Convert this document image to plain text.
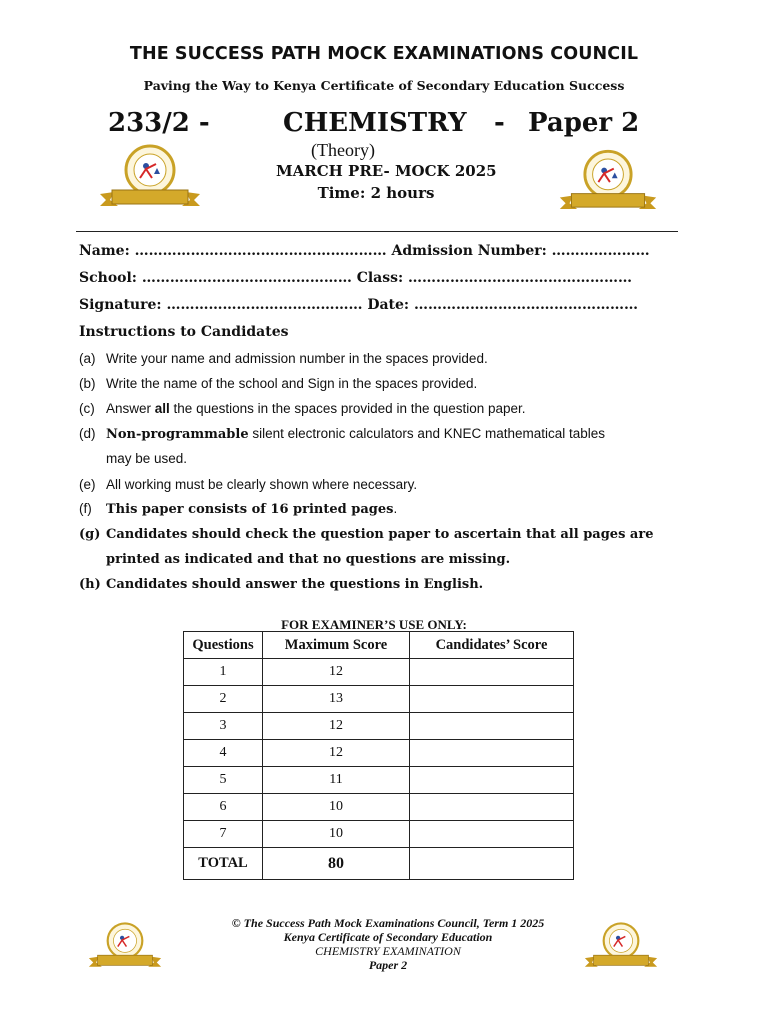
THE SUCCESS PATH MOCK EXAMINATIONS COUNCIL
Paving the Way to Kenya Certificate of Secondary Education Success
233/2 -	CHEMISTRY - Paper 2
(Theory)
MARCH PRE- MOCK 2025
Time: 2 hours
Name: ……………………………………………… Admission Number: …………………
School: ……………………………………… Class: …………………………………………
Signature: …………………………………… Date: …………………………………………
Instructions to Candidates
(a) Write your name and admission number in the spaces provided.
(b) Write the name of the school and Sign in the spaces provided.
(c) Answer all the questions in the spaces provided in the question paper.
(d) Non-programmable silent electronic calculators and KNEC mathematical tables
may be used.
(e) All working must be clearly shown where necessary.
(f) This paper consists of 16 printed pages.
(g) Candidates should check the question paper to ascertain that all pages are
printed as indicated and that no questions are missing.
(h) Candidates should answer the questions in English.
FOR EXAMINER’S USE ONLY:
Questions	Maximum Score	Candidates’ Score
1	12	
2	13	
3	12	
4	12	
5	11	
6	10	
7	10	
TOTAL	80	
© The Success Path Mock Examinations Council, Term 1 2025
Kenya Certificate of Secondary Education
CHEMISTRY EXAMINATION
Paper 2
